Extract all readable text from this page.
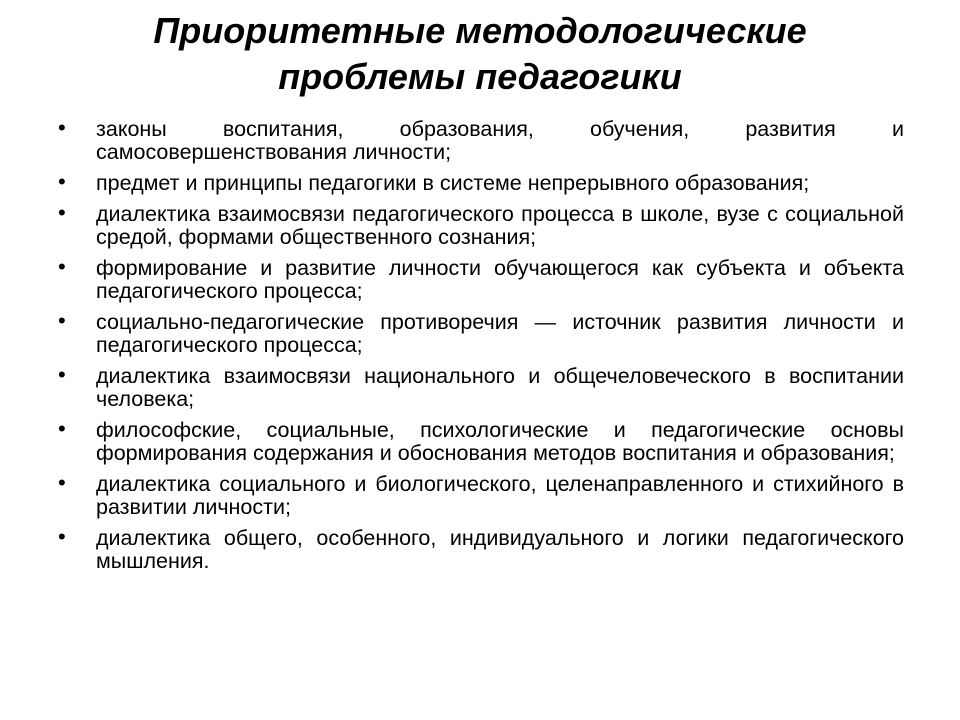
Приоритетные методологические
проблемы педагогики
• законы воспитания, образования, обучения, развития и самосовершенствования личности;
• предмет и принципы педагогики в системе непрерывного образования;
• диалектика взаимосвязи педагогического процесса в школе, вузе с социальной средой, формами общественного сознания;
• формирование и развитие личности обучающегося как субъекта и объекта педагогического процесса;
• социально-педагогические противоречия — источник развития личности и педагогического процесса;
• диалектика взаимосвязи национального и общечеловеческого в воспитании человека;
• философские, социальные, психологические и педагогические основы формирования содержания и обоснования методов воспитания и образования;
• диалектика социального и биологического, целенаправленного и стихийного в развитии личности;
• диалектика общего, особенного, индивидуального и логики педагогического мышления.
